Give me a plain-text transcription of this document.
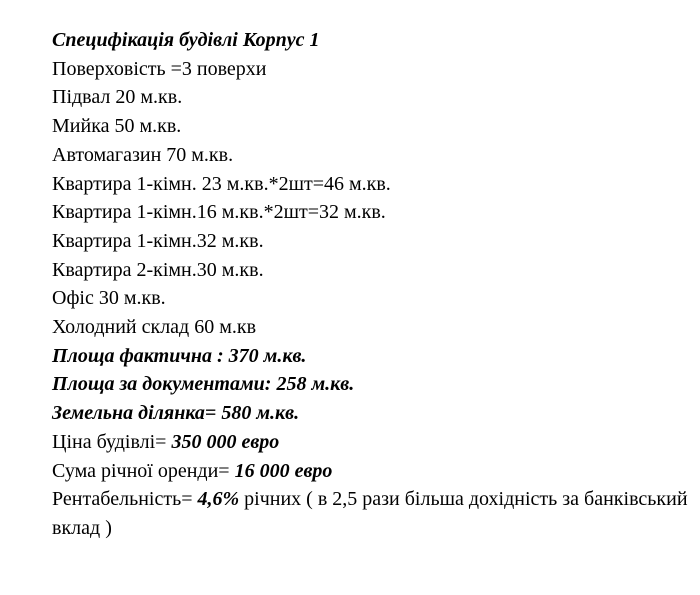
Специфікація будівлі Корпус 1
Поверховість =3 поверхи
Підвал 20 м.кв.
Мийка 50 м.кв.
Автомагазин 70 м.кв.
Квартира 1-кімн. 23 м.кв.*2шт=46 м.кв.
Квартира 1-кімн.16 м.кв.*2шт=32 м.кв.
Квартира 1-кімн.32 м.кв.
Квартира 2-кімн.30 м.кв.
Офіс 30 м.кв.
Холодний склад 60 м.кв
Площа фактична : 370 м.кв.
Площа за документами: 258 м.кв.
Земельна ділянка= 580 м.кв.
Ціна будівлі= 350 000 евро
Сума річної оренди= 16 000 евро
Рентабельність= 4,6% річних ( в 2,5 рази більша дохідність за банківський вклад )
